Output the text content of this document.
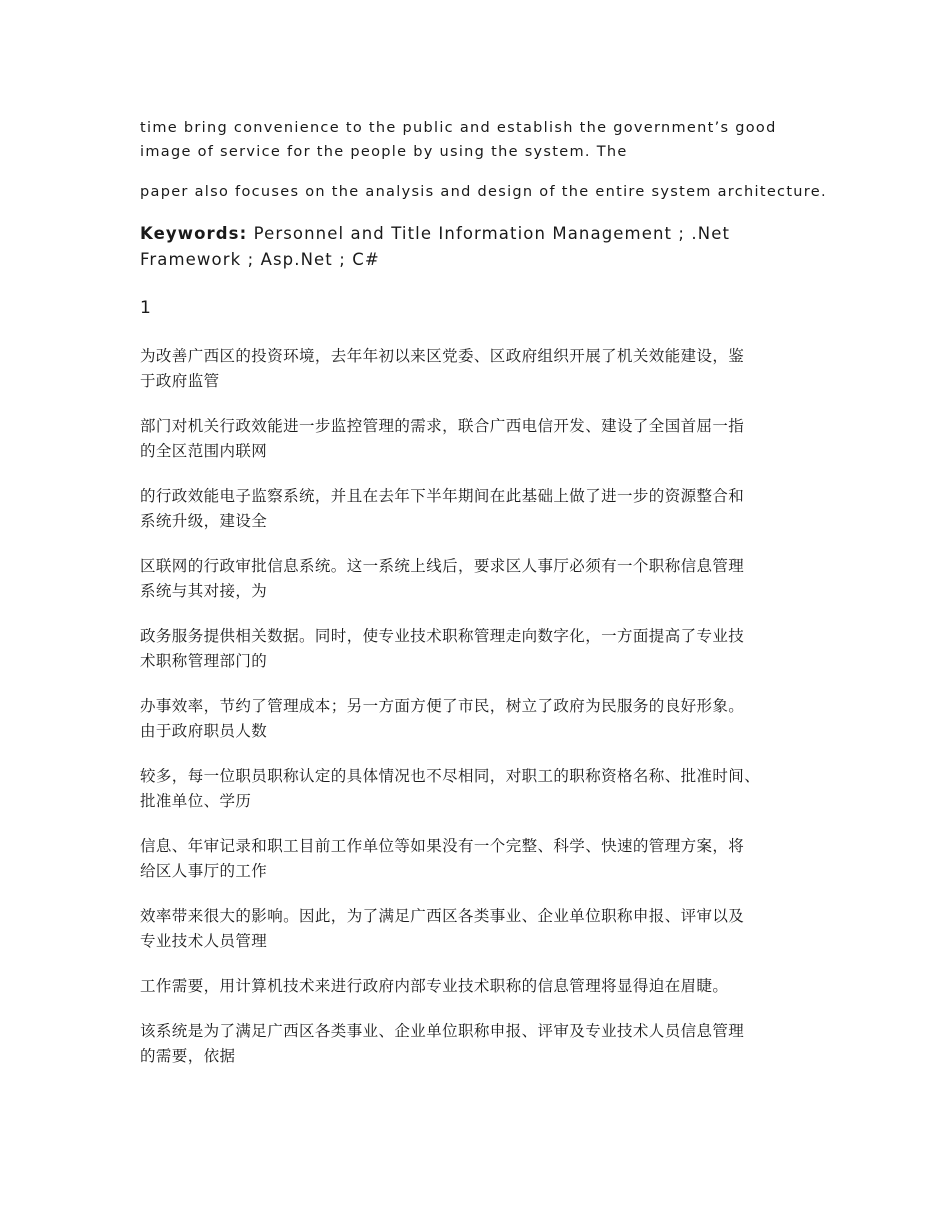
time bring convenience to the public and establish the government’s good
image of service for the people by using the system. The

paper also focuses on the analysis and design of the entire system architecture.

Keywords: Personnel and Title Information Management ; .Net
Framework ; Asp.Net ; C#

1

为改善广西区的投资环境，去年年初以来区党委、区政府组织开展了机关效能建设，鉴
于政府监管

部门对机关行政效能进一步监控管理的需求，联合广西电信开发、建设了全国首屈一指
的全区范围内联网

的行政效能电子监察系统，并且在去年下半年期间在此基础上做了进一步的资源整合和
系统升级，建设全

区联网的行政审批信息系统。这一系统上线后，要求区人事厅必须有一个职称信息管理
系统与其对接，为

政务服务提供相关数据。同时，使专业技术职称管理走向数字化，一方面提高了专业技
术职称管理部门的

办事效率，节约了管理成本；另一方面方便了市民，树立了政府为民服务的良好形象。
由于政府职员人数

较多，每一位职员职称认定的具体情况也不尽相同，对职工的职称资格名称、批准时间、
批准单位、学历

信息、年审记录和职工目前工作单位等如果没有一个完整、科学、快速的管理方案，将
给区人事厅的工作

效率带来很大的影响。因此，为了满足广西区各类事业、企业单位职称申报、评审以及
专业技术人员管理

工作需要，用计算机技术来进行政府内部专业技术职称的信息管理将显得迫在眉睫。

该系统是为了满足广西区各类事业、企业单位职称申报、评审及专业技术人员信息管理
的需要，依据
